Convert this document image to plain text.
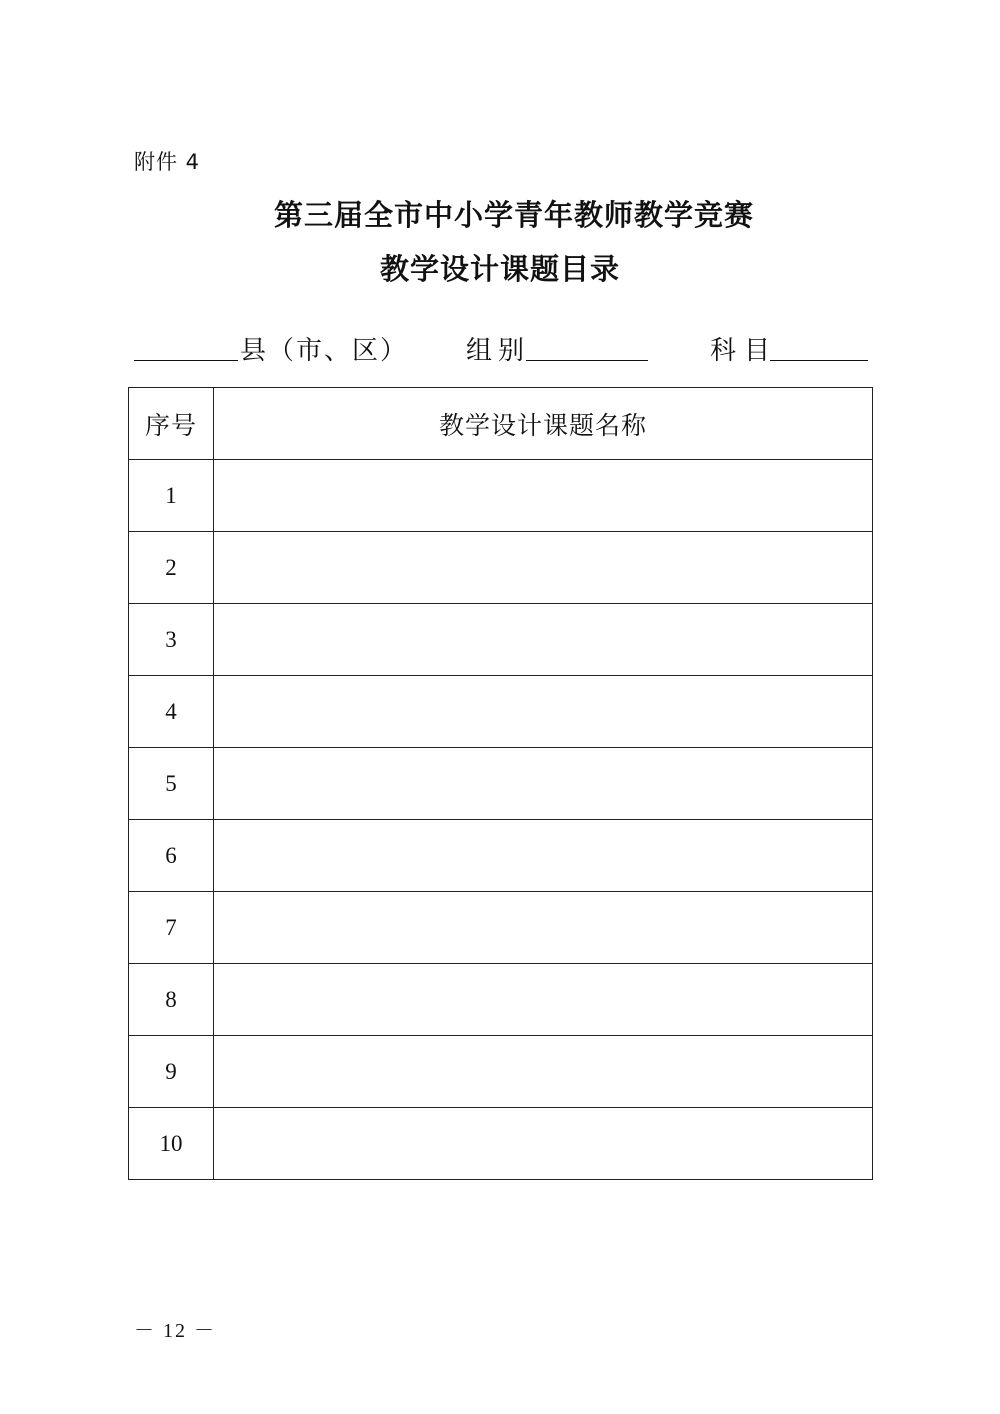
附件 4
第三届全市中小学青年教师教学竞赛
教学设计课题目录
县（市、区） 组别	科目
序号	教学设计课题名称
1	
2	
3	
4	
5	
6	
7	
8	
9	
10	
－ 12 －
